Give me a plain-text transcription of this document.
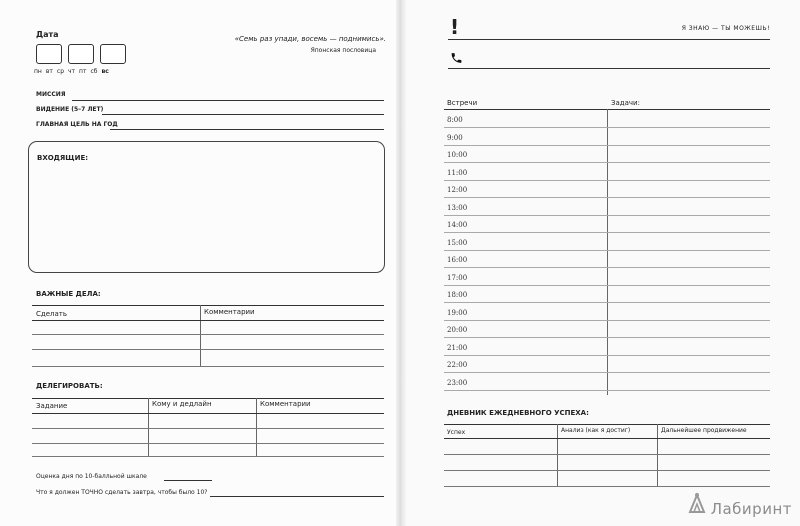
Дата
пн вт ср чт пт сб вс
«Семь раз упади, восемь — поднимись».
Японская пословица
МИССИЯ
ВИДЕНИЕ (5–7 ЛЕТ)
ГЛАВНАЯ ЦЕЛЬ НА ГОД
ВХОДЯЩИЕ:
ВАЖНЫЕ ДЕЛА:
Сделать	Комментарии
ДЕЛЕГИРОВАТЬ:
Задание	Кому и дедлайн	Комментарии
Оценка дня по 10-балльной шкале
Что я должен ТОЧНО сделать завтра, чтобы было 10?
!	Я ЗНАЮ — ТЫ МОЖЕШЬ!
Встречи	Задачи:
8:00
9:00
10:00
11:00
12:00
13:00
14:00
15:00
16:00
17:00
18:00
19:00
20:00
21:00
22:00
23:00
ДНЕВНИК ЕЖЕДНЕВНОГО УСПЕХА:
Успех	Анализ (как я достиг)	Дальнейшее продвижение
Лабиринт
